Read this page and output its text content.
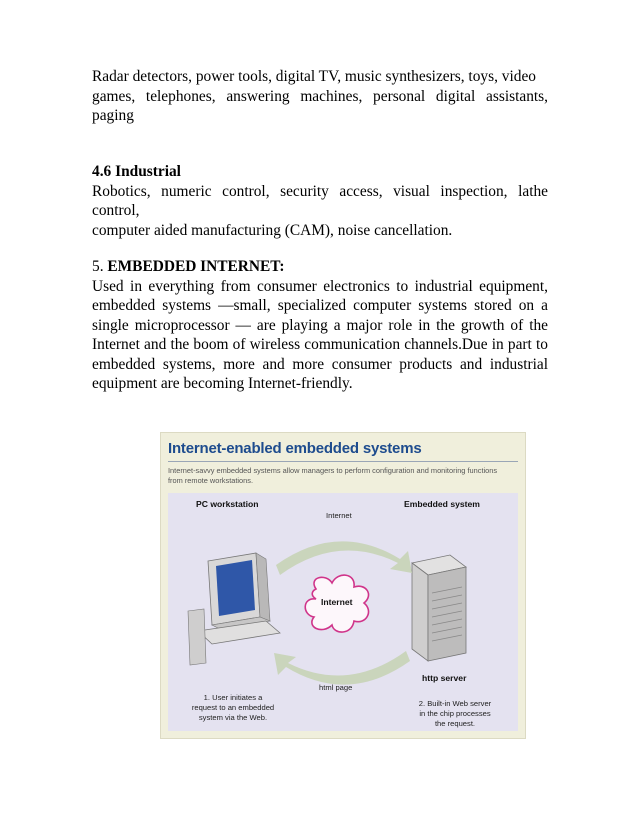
Radar detectors, power tools, digital TV, music synthesizers, toys, video

games, telephones, answering machines, personal digital assistants, paging

4.6 Industrial

Robotics, numeric control, security access, visual inspection, lathe control,

computer aided manufacturing (CAM), noise cancellation.

5. EMBEDDED INTERNET:

Used in everything from consumer electronics to industrial equipment, embedded systems —small, specialized computer systems stored on a single microprocessor — are playing a major role in the growth of the Internet and the boom of wireless communication channels.Due in part to embedded systems, more and more consumer products and industrial equipment are becoming Internet-friendly.

Internet-enabled embedded systems
Internet-savvy embedded systems allow managers to perform configuration and monitoring functions from remote workstations.
PC workstation	Embedded system
Internet
Internet
html page
http server
1. User initiates a
request to an embedded
system via the Web.
2. Built-in Web server
in the chip processes
the request.
